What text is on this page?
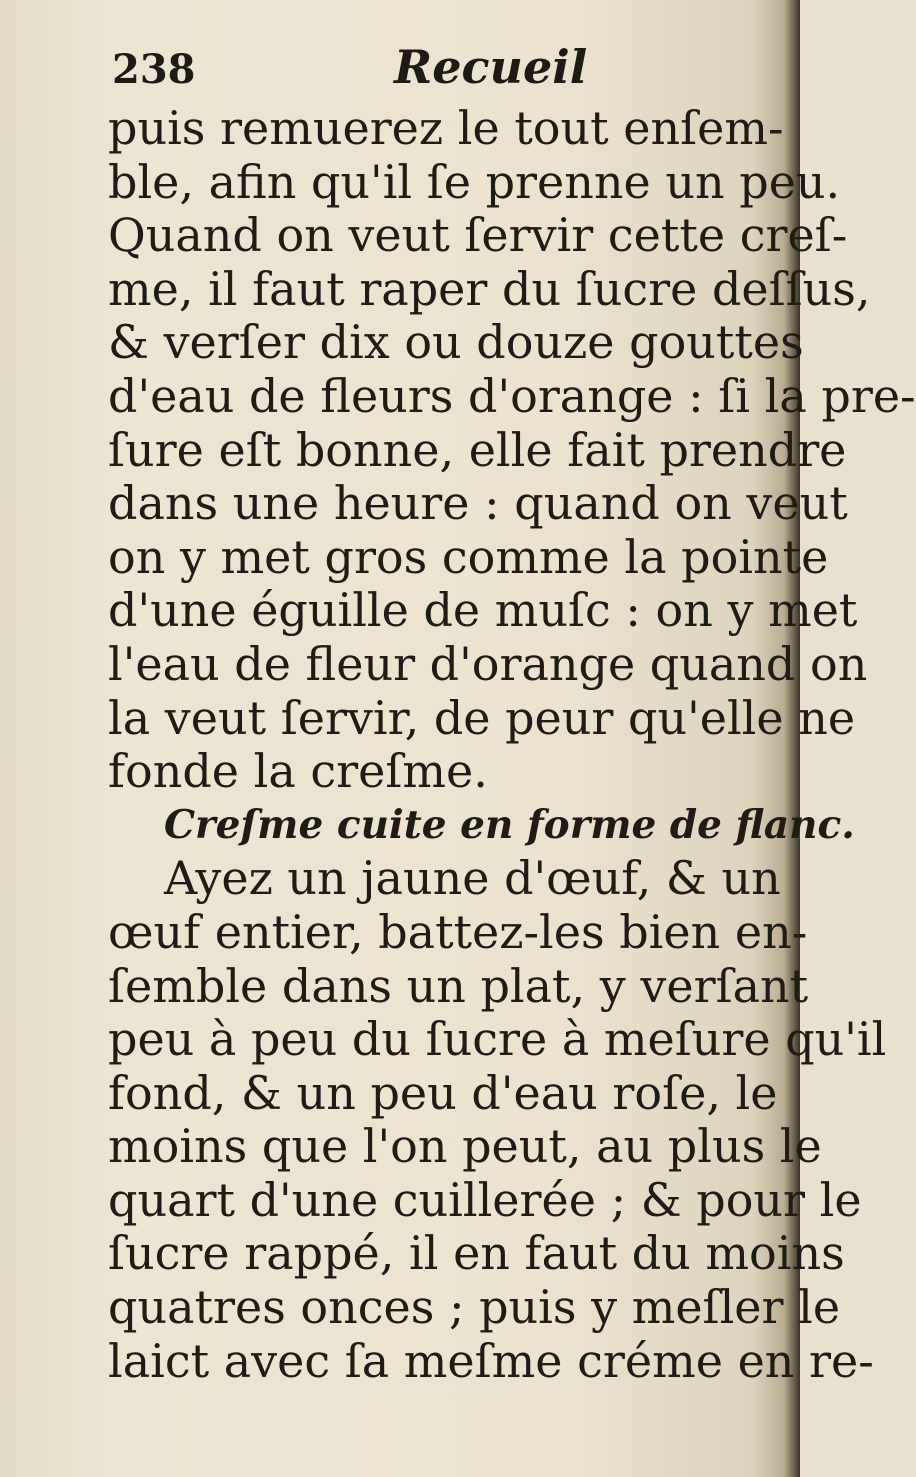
238	Recueil
puis remuerez le tout enſem-
ble, afin qu'il ſe prenne un peu.
Quand on veut ſervir cette creſ-
me, il faut raper du ſucre deſſus,
& verſer dix ou douze gouttes
d'eau de fleurs d'orange : ſi la pre-
ſure eſt bonne, elle fait prendre
dans une heure : quand on veut
on y met gros comme la pointe
d'une éguille de muſc : on y met
l'eau de fleur d'orange quand on
la veut ſervir, de peur qu'elle ne
fonde la creſme.
Creſme cuite en forme de flanc.
Ayez un jaune d'œuf, & un
œuf entier, battez-les bien en-
ſemble dans un plat, y verſant
peu à peu du ſucre à meſure qu'il
fond, & un peu d'eau roſe, le
moins que l'on peut, au plus le
quart d'une cuillerée ; & pour le
ſucre rappé, il en faut du moins
quatres onces ; puis y meſler le
laict avec ſa meſme créme en re-
